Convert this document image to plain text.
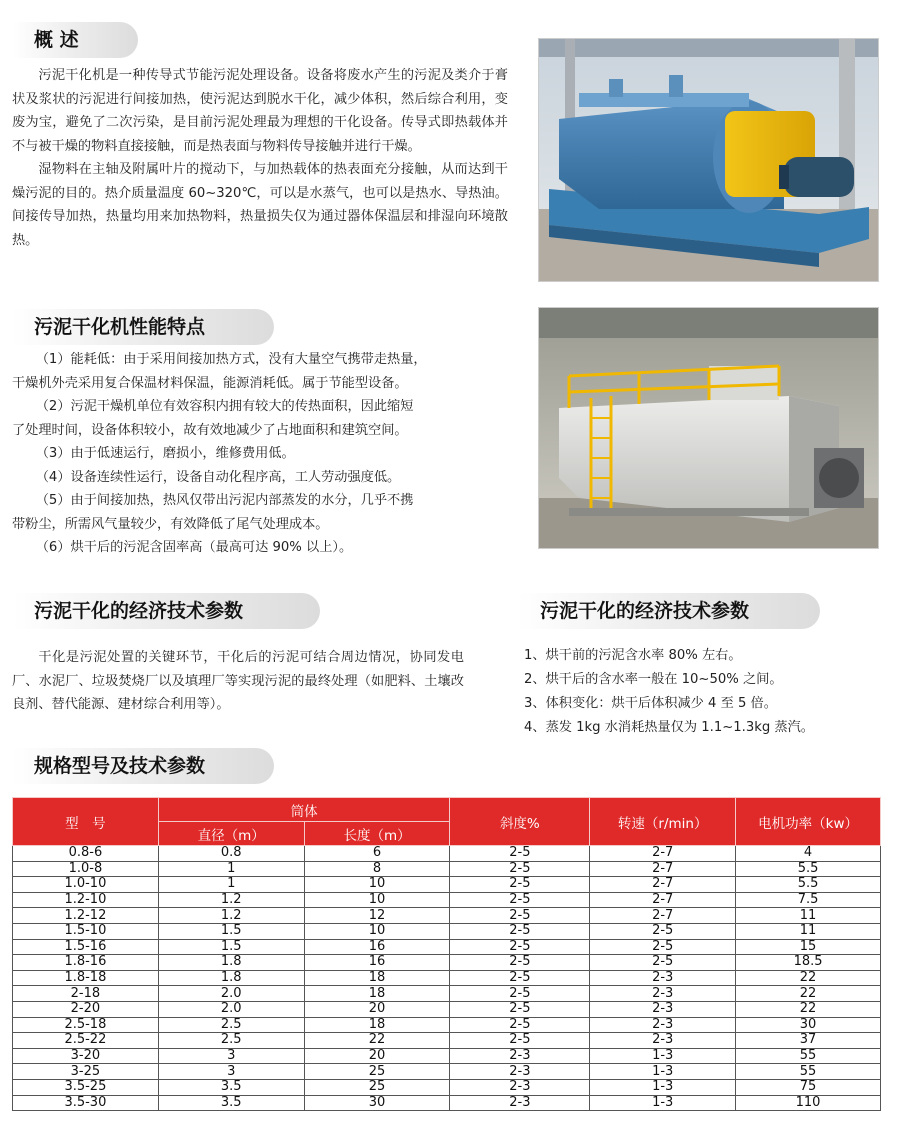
概 述

污泥干化机是一种传导式节能污泥处理设备。设备将废水产生的污泥及类介于膏状及浆状的污泥进行间接加热，使污泥达到脱水干化，减少体积，然后综合利用，变废为宝，避免了二次污染，是目前污泥处理最为理想的干化设备。传导式即热载体并不与被干燥的物料直接接触，而是热表面与物料传导接触并进行干燥。

湿物料在主轴及附属叶片的搅动下，与加热载体的热表面充分接触，从而达到干燥污泥的目的。热介质量温度 60~320℃，可以是水蒸气，也可以是热水、导热油。间接传导加热，热量均用来加热物料，热量损失仅为通过器体保温层和排湿向环境散热。

污泥干化机性能特点
（1）能耗低：由于采用间接加热方式，没有大量空气携带走热量，
干燥机外壳采用复合保温材料保温，能源消耗低。属于节能型设备。
（2）污泥干燥机单位有效容积内拥有较大的传热面积，因此缩短
了处理时间，设备体积较小，故有效地减少了占地面积和建筑空间。
（3）由于低速运行，磨损小，维修费用低。
（4）设备连续性运行，设备自动化程序高，工人劳动强度低。
（5）由于间接加热，热风仅带出污泥内部蒸发的水分，几乎不携
带粉尘，所需风气量较少，有效降低了尾气处理成本。
（6）烘干后的污泥含固率高（最高可达 90% 以上）。
污泥干化的经济技术参数

干化是污泥处置的关键环节，干化后的污泥可结合周边情况，协同发电厂、水泥厂、垃圾焚烧厂以及填理厂等实现污泥的最终处理（如肥料、土壤改良剂、替代能源、建材综合利用等）。

污泥干化的经济技术参数
1、烘干前的污泥含水率 80% 左右。
2、烘干后的含水率一般在 10~50% 之间。
3、体积变化：烘干后体积减少 4 至 5 倍。
4、蒸发 1kg 水消耗热量仅为 1.1~1.3kg 蒸汽。
规格型号及技术参数
型　号	筒体		斜度%	转速（r/min）	电机功率（kw）
	直径（m）	长度（m）			
0.8-6	0.8	6	2-5	2-7	4
1.0-8	1	8	2-5	2-7	5.5
1.0-10	1	10	2-5	2-7	5.5
1.2-10	1.2	10	2-5	2-7	7.5
1.2-12	1.2	12	2-5	2-7	11
1.5-10	1.5	10	2-5	2-5	11
1.5-16	1.5	16	2-5	2-5	15
1.8-16	1.8	16	2-5	2-5	18.5
1.8-18	1.8	18	2-5	2-3	22
2-18	2.0	18	2-5	2-3	22
2-20	2.0	20	2-5	2-3	22
2.5-18	2.5	18	2-5	2-3	30
2.5-22	2.5	22	2-5	2-3	37
3-20	3	20	2-3	1-3	55
3-25	3	25	2-3	1-3	55
3.5-25	3.5	25	2-3	1-3	75
3.5-30	3.5	30	2-3	1-3	110
